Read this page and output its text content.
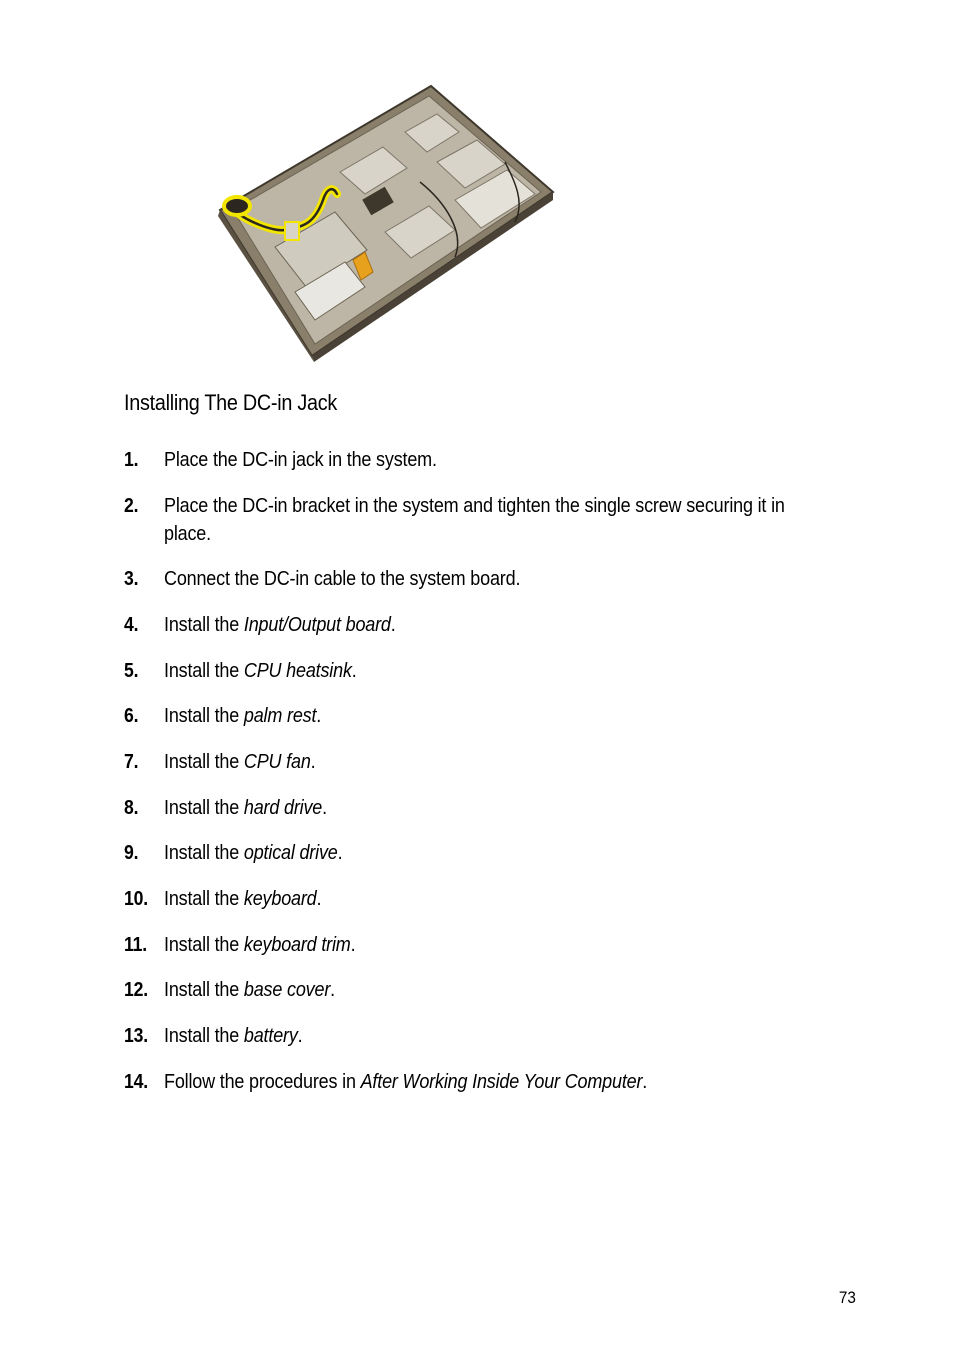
Installing The DC-in Jack
1. Place the DC-in jack in the system.
2. Place the DC-in bracket in the system and tighten the single screw securing it in place.
3. Connect the DC-in cable to the system board.
4. Install the Input/Output board.
5. Install the CPU heatsink.
6. Install the palm rest.
7. Install the CPU fan.
8. Install the hard drive.
9. Install the optical drive.
10. Install the keyboard.
11. Install the keyboard trim.
12. Install the base cover.
13. Install the battery.
14. Follow the procedures in After Working Inside Your Computer.
73
